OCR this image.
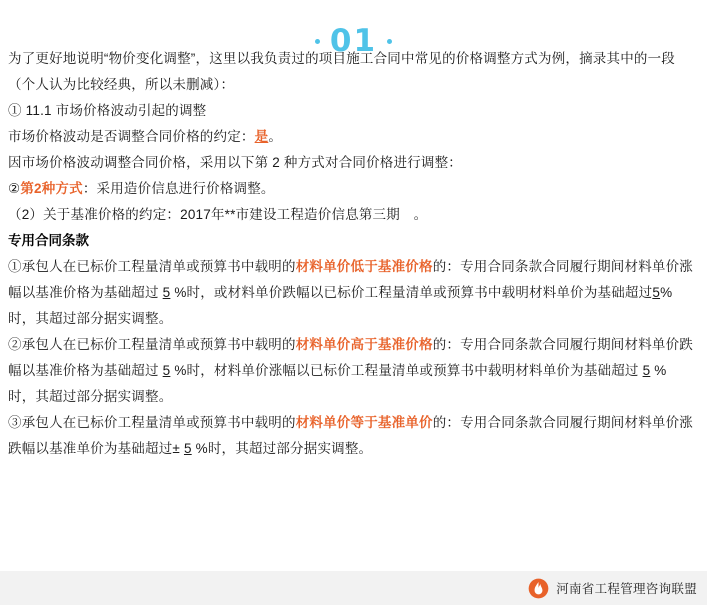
01

为了更好地说明“物价变化调整”，这里以我负责过的项目施工合同中常见的价格调整方式为例，摘录其中的一段（个人认为比较经典，所以未删减）：

① 11.1 市场价格波动引起的调整

市场价格波动是否调整合同价格的约定：是。

因市场价格波动调整合同价格，采用以下第 2 种方式对合同价格进行调整：

②第2种方式：采用造价信息进行价格调整。

（2）关于基准价格的约定：2017年**市建设工程造价信息第三期　。

专用合同条款

①承包人在已标价工程量清单或预算书中载明的材料单价低于基准价格的：专用合同条款合同履行期间材料单价涨幅以基准价格为基础超过 5 %时，或材料单价跌幅以已标价工程量清单或预算书中载明材料单价为基础超过5%时，其超过部分据实调整。

②承包人在已标价工程量清单或预算书中载明的材料单价高于基准价格的：专用合同条款合同履行期间材料单价跌幅以基准价格为基础超过 5 %时，材料单价涨幅以已标价工程量清单或预算书中载明材料单价为基础超过 5 %时，其超过部分据实调整。

③承包人在已标价工程量清单或预算书中载明的材料单价等于基准单价的：专用合同条款合同履行期间材料单价涨跌幅以基准单价为基础超过± 5 %时，其超过部分据实调整。

河南省工程管理咨询联盟
